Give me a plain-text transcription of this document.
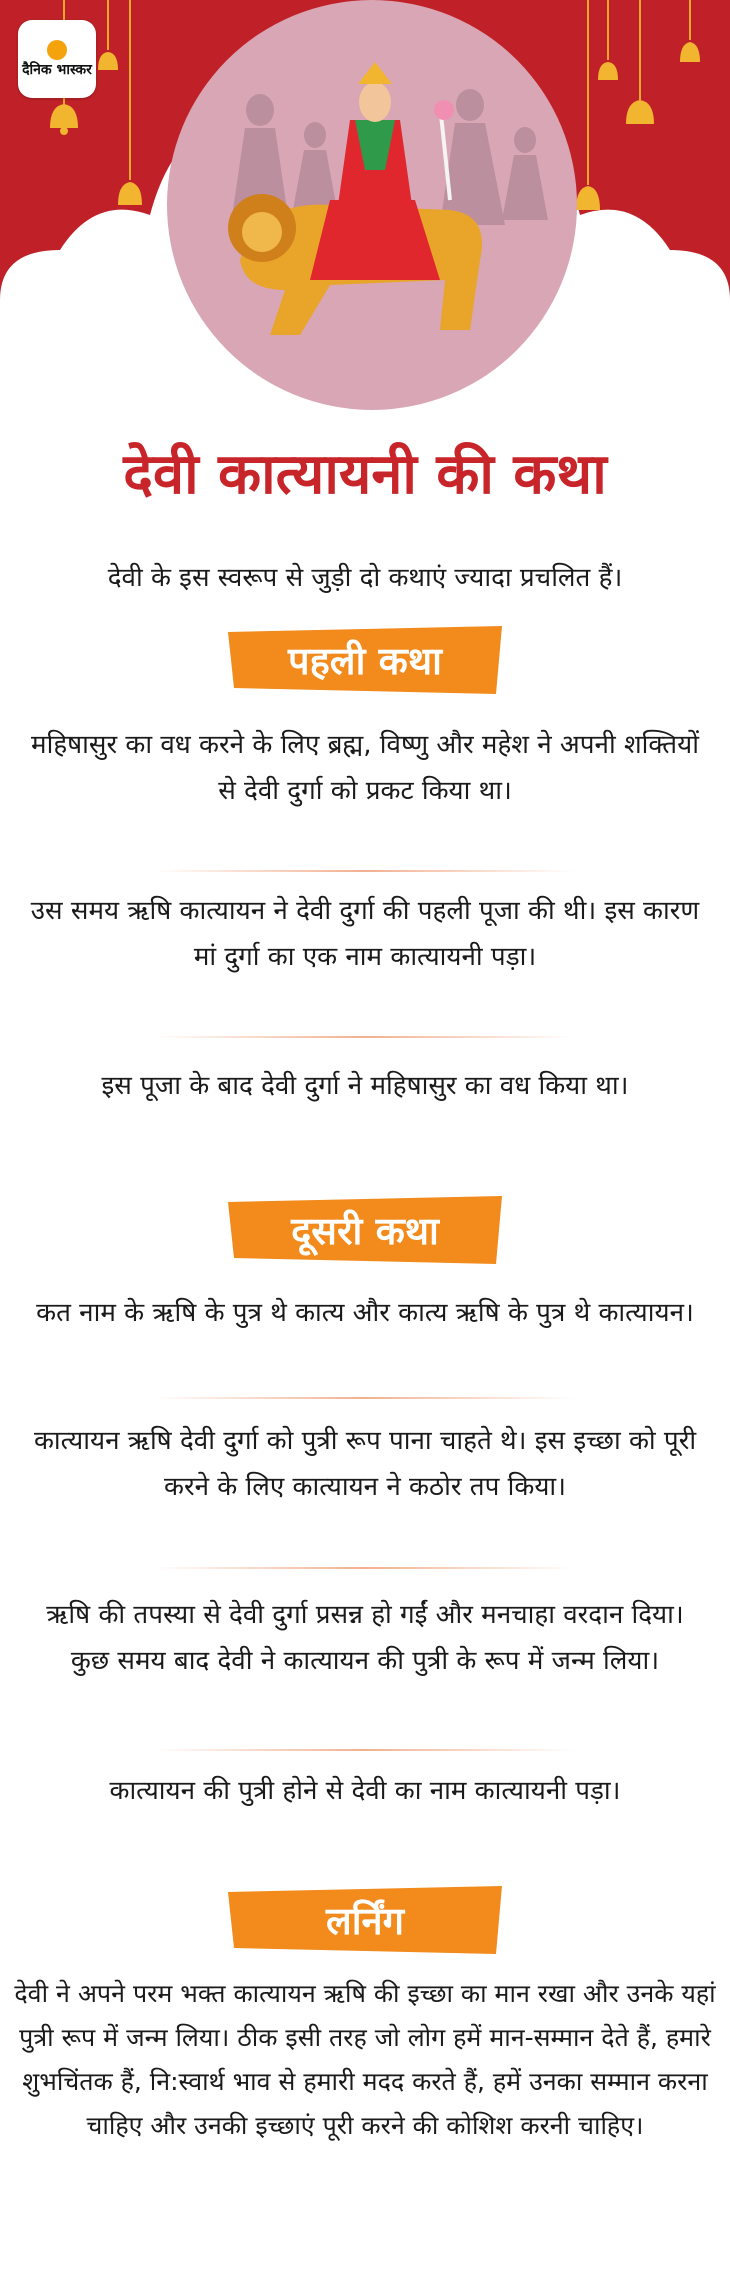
दैनिक भास्कर
देवी कात्यायनी की कथा
देवी के इस स्वरूप से जुड़ी दो कथाएं ज्यादा प्रचलित हैं।
पहली कथा
महिषासुर का वध करने के लिए ब्रह्म, विष्णु और महेश ने अपनी शक्तियों से देवी दुर्गा को प्रकट किया था।
उस समय ऋषि कात्यायन ने देवी दुर्गा की पहली पूजा की थी। इस कारण मां दुर्गा का एक नाम कात्यायनी पड़ा।
इस पूजा के बाद देवी दुर्गा ने महिषासुर का वध किया था।
दूसरी कथा
कत नाम के ऋषि के पुत्र थे कात्य और कात्य ऋषि के पुत्र थे कात्यायन।
कात्यायन ऋषि देवी दुर्गा को पुत्री रूप पाना चाहते थे। इस इच्छा को पूरी करने के लिए कात्यायन ने कठोर तप किया।
ऋषि की तपस्या से देवी दुर्गा प्रसन्न हो गईं और मनचाहा वरदान दिया। कुछ समय बाद देवी ने कात्यायन की पुत्री के रूप में जन्म लिया।
कात्यायन की पुत्री होने से देवी का नाम कात्यायनी पड़ा।
लर्निंग
देवी ने अपने परम भक्त कात्यायन ऋषि की इच्छा का मान रखा और उनके यहां पुत्री रूप में जन्म लिया। ठीक इसी तरह जो लोग हमें मान-सम्मान देते हैं, हमारे शुभचिंतक हैं, नि:स्वार्थ भाव से हमारी मदद करते हैं, हमें उनका सम्मान करना चाहिए और उनकी इच्छाएं पूरी करने की कोशिश करनी चाहिए।
